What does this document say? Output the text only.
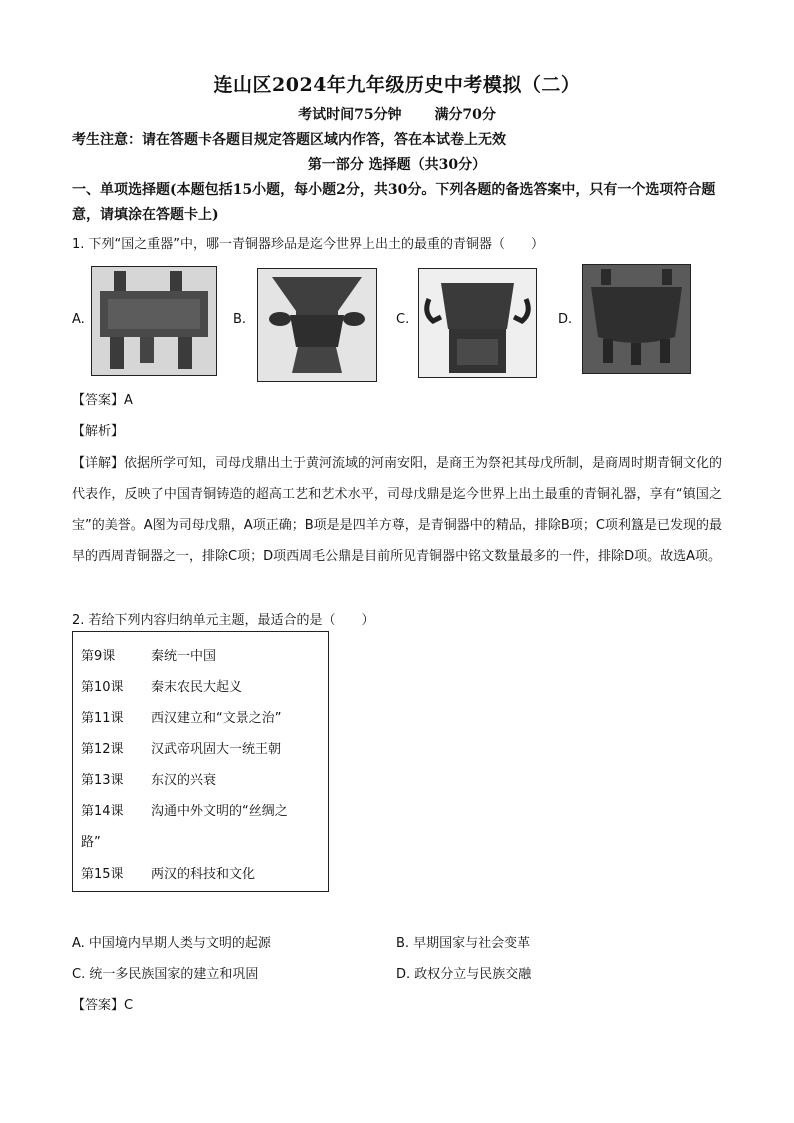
连山区2024年九年级历史中考模拟（二）
考试时间75分钟 满分70分
考生注意：请在答题卡各题目规定答题区域内作答，答在本试卷上无效
第一部分 选择题（共30分）
一、单项选择题(本题包括15小题，每小题2分，共30分。下列各题的备选答案中，只有一个选项符合题意，请填涂在答题卡上)
1. 下列“国之重器”中，哪一青铜器珍品是迄今世界上出土的最重的青铜器（　　）
A.	B.	C.	D.
【答案】A
【解析】
【详解】依据所学可知，司母戊鼎出土于黄河流域的河南安阳，是商王为祭祀其母戊所制，是商周时期青铜文化的代表作，反映了中国青铜铸造的超高工艺和艺术水平，司母戊鼎是迄今世界上出土最重的青铜礼器，享有“镇国之宝”的美誉。A图为司母戊鼎，A项正确；B项是是四羊方尊，是青铜器中的精品，排除B项；C项利簋是已发现的最早的西周青铜器之一，排除C项；D项西周毛公鼎是目前所见青铜器中铭文数量最多的一件，排除D项。故选A项。
2. 若给下列内容归纳单元主题，最适合的是（　　）
第9课	秦统一中国
第10课 秦末农民大起义
第11课 西汉建立和“文景之治”
第12课 汉武帝巩固大一统王朝
第13课 东汉的兴衰
第14课 沟通中外文明的“丝绸之
路”
第15课 两汉的科技和文化
A. 中国境内早期人类与文明的起源	B. 早期国家与社会变革
C. 统一多民族国家的建立和巩固	D. 政权分立与民族交融
【答案】C
